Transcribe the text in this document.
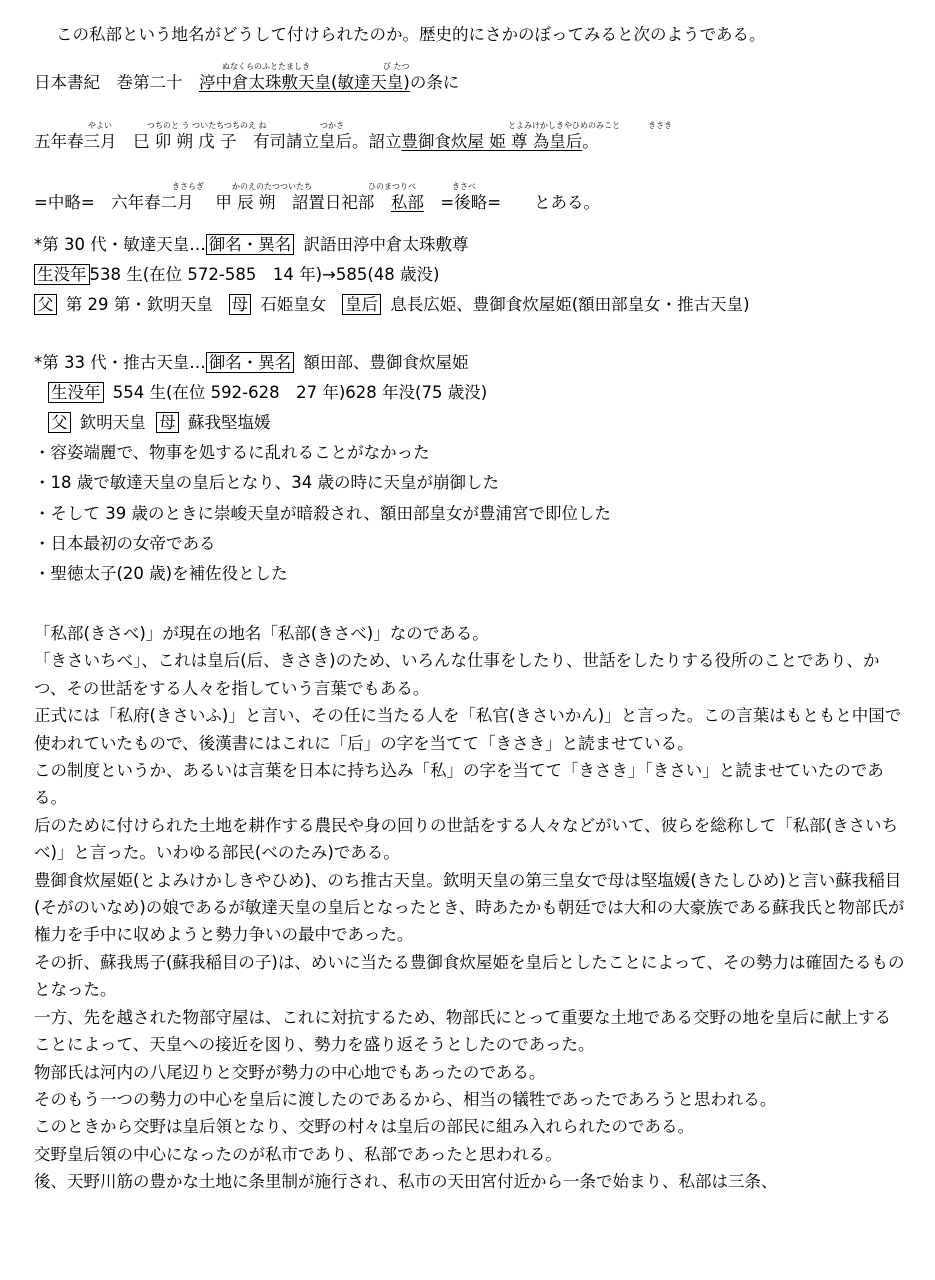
この私部という地名がどうして付けられたのか。歴史的にさかのぼってみると次のようである。
ぬなくらのふとたましき	び たつ
日本書紀　巻第二十　渟中倉太珠敷天皇(敏達天皇)の条に
やよい	つちのと う ついたちつちのえ ね	つかさ	とよみけかしきやひめのみこと	きさき
五年春三月　巳 卯 朔 戊 子　有司請立皇后。詔立豊御食炊屋 姫 尊 為皇后。
きさらぎ	かのえのたつついたち	ひのまつりべ	きさべ
=中略=　六年春二月　 甲 辰 朔　詔置日祀部　私部　=後略=　　とある。
*第 30 代・敏達天皇… 御名・異名 訳語田渟中倉太珠敷尊
生没年 538 生(在位 572-585　14 年)→585(48 歳没)
父 第 29 第・欽明天皇 母 石姫皇女 皇后 息長広姫、豊御食炊屋姫(額田部皇女・推古天皇)
*第 33 代・推古天皇… 御名・異名 額田部、豊御食炊屋姫
生没年 554 生(在位 592-628　27 年)628 年没(75 歳没)
父 欽明天皇 母 蘇我堅塩媛
・容姿端麗で、物事を処するに乱れることがなかった
・18 歳で敏達天皇の皇后となり、34 歳の時に天皇が崩御した
・そして 39 歳のときに崇峻天皇が暗殺され、額田部皇女が豊浦宮で即位した
・日本最初の女帝である
・聖徳太子(20 歳)を補佐役とした

「私部(きさべ)」が現在の地名「私部(きさべ)」なのである。

「きさいちべ」、これは皇后(后、きさき)のため、いろんな仕事をしたり、世話をしたりする役所のことであり、かつ、その世話をする人々を指していう言葉でもある。

正式には「私府(きさいふ)」と言い、その任に当たる人を「私官(きさいかん)」と言った。この言葉はもともと中国で使われていたもので、後漢書にはこれに「后」の字を当てて「きさき」と読ませている。

この制度というか、あるいは言葉を日本に持ち込み「私」の字を当てて「きさき」「きさい」と読ませていたのである。

后のために付けられた土地を耕作する農民や身の回りの世話をする人々などがいて、彼らを総称して「私部(きさいちべ)」と言った。いわゆる部民(べのたみ)である。

豊御食炊屋姫(とよみけかしきやひめ)、のち推古天皇。欽明天皇の第三皇女で母は堅塩媛(きたしひめ)と言い蘇我稲目(そがのいなめ)の娘であるが敏達天皇の皇后となったとき、時あたかも朝廷では大和の大豪族である蘇我氏と物部氏が権力を手中に収めようと勢力争いの最中であった。

その折、蘇我馬子(蘇我稲目の子)は、めいに当たる豊御食炊屋姫を皇后としたことによって、その勢力は確固たるものとなった。

一方、先を越された物部守屋は、これに対抗するため、物部氏にとって重要な土地である交野の地を皇后に献上することによって、天皇への接近を図り、勢力を盛り返そうとしたのであった。

物部氏は河内の八尾辺りと交野が勢力の中心地でもあったのである。

そのもう一つの勢力の中心を皇后に渡したのであるから、相当の犠牲であったであろうと思われる。

このときから交野は皇后領となり、交野の村々は皇后の部民に組み入れられたのである。

交野皇后領の中心になったのが私市であり、私部であったと思われる。

後、天野川筋の豊かな土地に条里制が施行され、私市の天田宮付近から一条で始まり、私部は三条、
